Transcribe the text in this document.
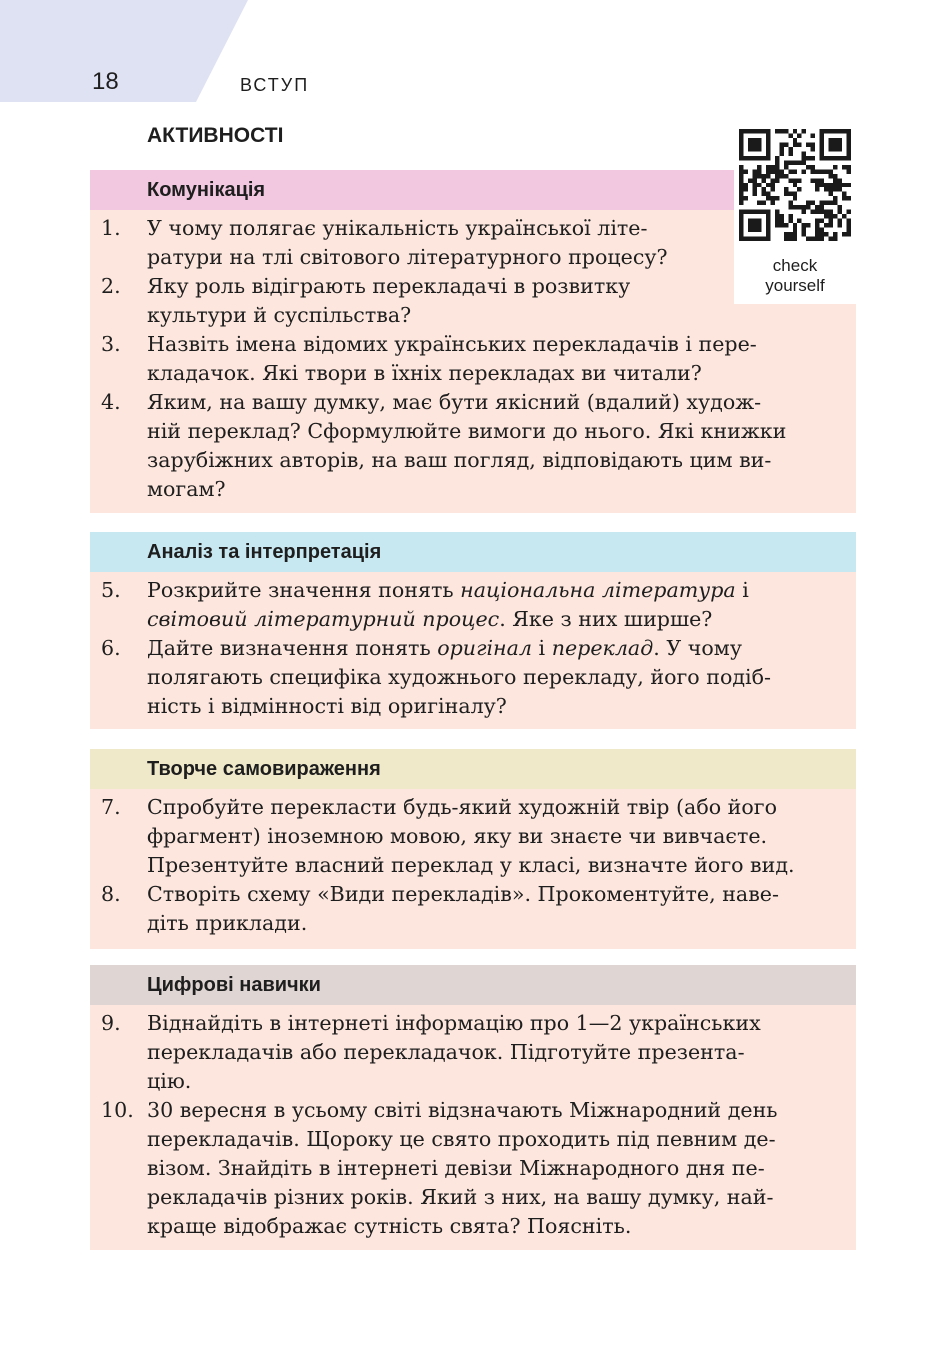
18	ВСТУП
АКТИВНОСТІ
Комунікація
1. У чому полягає унікальність української літе-
ратури на тлі світового літературного процесу?
2. Яку роль відіграють перекладачі в розвитку
культури й суспільства?
3. Назвіть імена відомих українських перекладачів і пере-
кладачок. Які твори в їхніх перекладах ви читали?
4. Яким, на вашу думку, має бути якісний (вдалий) худож-
ній переклад? Сформулюйте вимоги до нього. Які книжки
зарубіжних авторів, на ваш погляд, відповідають цим ви-
могам?
check
yourself
Аналіз та інтерпретація
5. Розкрийте значення понять національна література і
світовий літературний процес. Яке з них ширше?
6. Дайте визначення понять оригінал і переклад. У чому
полягають специфіка художнього перекладу, його подіб-
ність і відмінності від оригіналу?
Творче самовираження
7. Спробуйте перекласти будь-який художній твір (або його
фрагмент) іноземною мовою, яку ви знаєте чи вивчаєте.
Презентуйте власний переклад у класі, визначте його вид.
8. Створіть схему «Види перекладів». Прокоментуйте, наве-
діть приклади.
Цифрові навички
9. Віднайдіть в інтернеті інформацію про 1—2 українських
перекладачів або перекладачок. Підготуйте презента-
цію.
10. 30 вересня в усьому світі відзначають Міжнародний день
перекладачів. Щороку це свято проходить під певним де-
візом. Знайдіть в інтернеті девізи Міжнародного дня пе-
рекладачів різних років. Який з них, на вашу думку, най-
краще відображає сутність свята? Поясніть.
